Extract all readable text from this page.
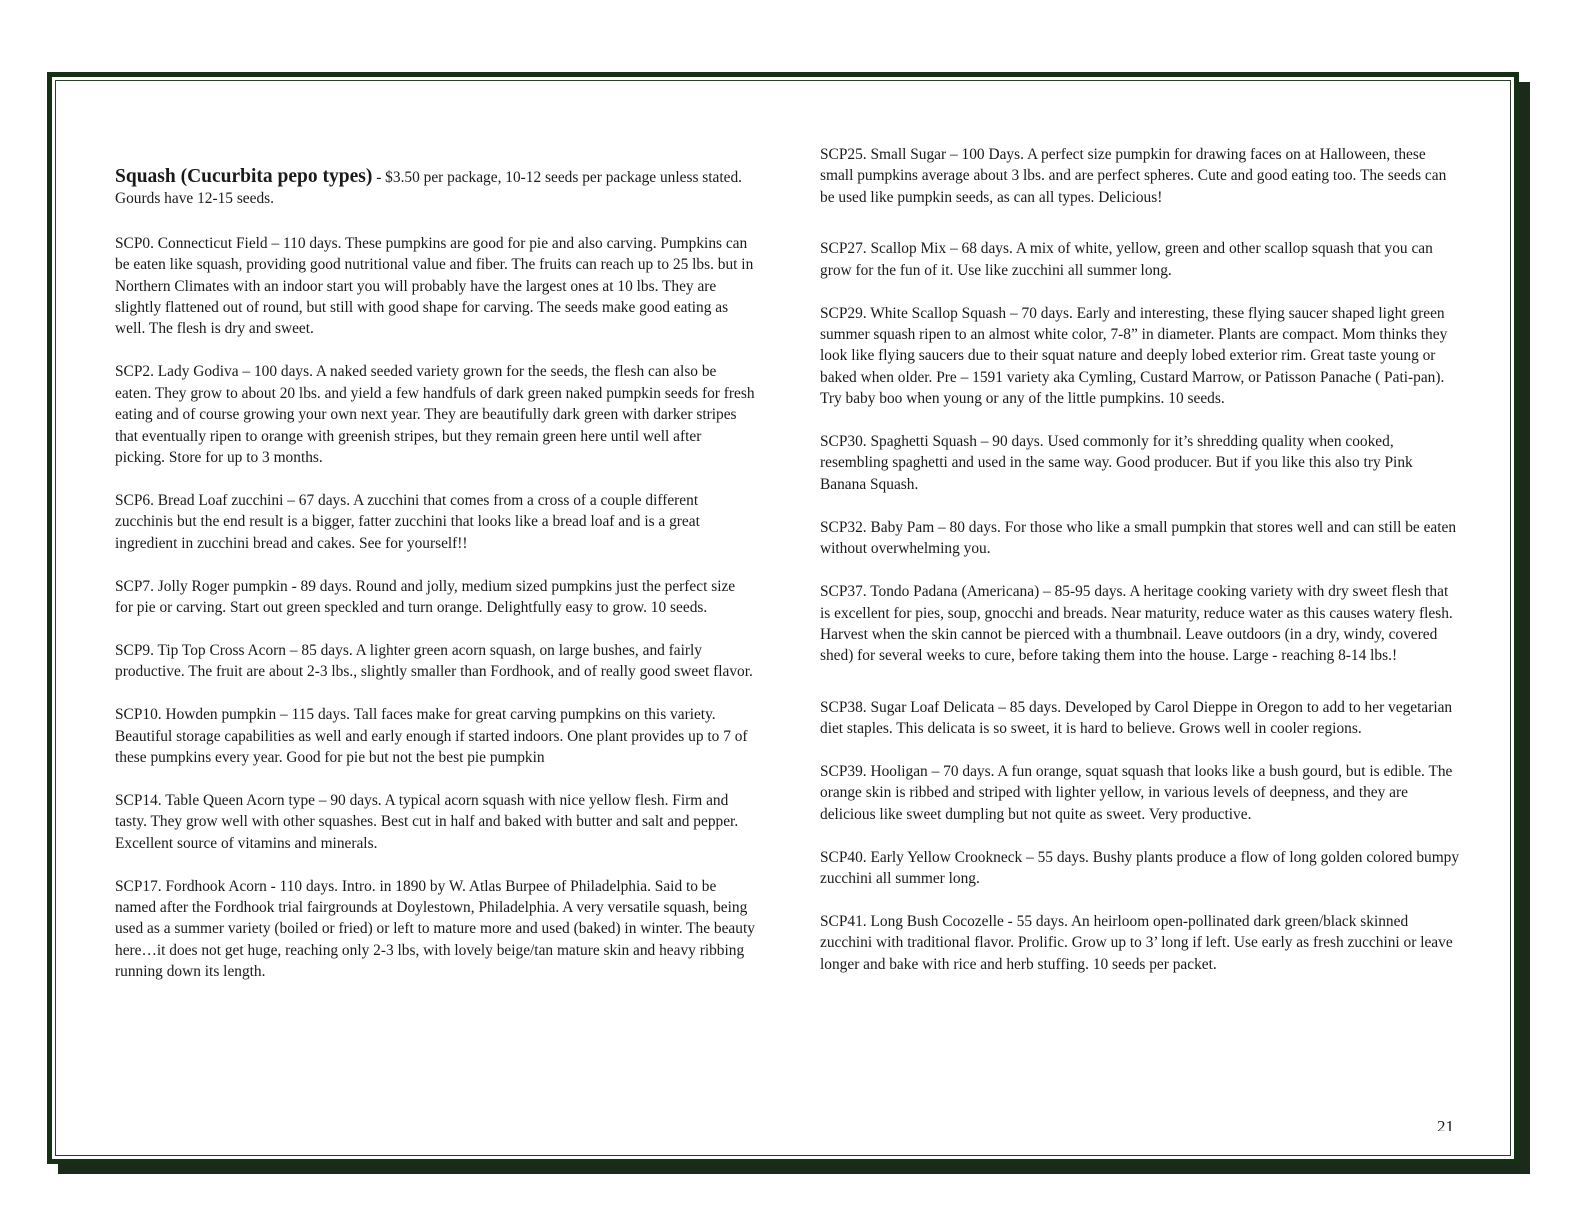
Squash (Cucurbita pepo types) - $3.50 per package, 10-12 seeds per package unless stated. Gourds have 12-15 seeds.

SCP0. Connecticut Field – 110 days. These pumpkins are good for pie and also carving. Pumpkins can be eaten like squash, providing good nutritional value and fiber. The fruits can reach up to 25 lbs. but in Northern Climates with an indoor start you will probably have the largest ones at 10 lbs. They are slightly flattened out of round, but still with good shape for carving. The seeds make good eating as well. The flesh is dry and sweet.

SCP2. Lady Godiva – 100 days. A naked seeded variety grown for the seeds, the flesh can also be eaten. They grow to about 20 lbs. and yield a few handfuls of dark green naked pumpkin seeds for fresh eating and of course growing your own next year. They are beautifully dark green with darker stripes that eventually ripen to orange with greenish stripes, but they remain green here until well after picking. Store for up to 3 months.

SCP6. Bread Loaf zucchini – 67 days. A zucchini that comes from a cross of a couple different zucchinis but the end result is a bigger, fatter zucchini that looks like a bread loaf and is a great ingredient in zucchini bread and cakes. See for yourself!!

SCP7. Jolly Roger pumpkin - 89 days. Round and jolly, medium sized pumpkins just the perfect size for pie or carving. Start out green speckled and turn orange. Delightfully easy to grow. 10 seeds.

SCP9. Tip Top Cross Acorn – 85 days. A lighter green acorn squash, on large bushes, and fairly productive. The fruit are about 2-3 lbs., slightly smaller than Fordhook, and of really good sweet flavor.

SCP10. Howden pumpkin – 115 days. Tall faces make for great carving pumpkins on this variety. Beautiful storage capabilities as well and early enough if started indoors. One plant provides up to 7 of these pumpkins every year. Good for pie but not the best pie pumpkin

SCP14. Table Queen Acorn type – 90 days. A typical acorn squash with nice yellow flesh. Firm and tasty. They grow well with other squashes. Best cut in half and baked with butter and salt and pepper. Excellent source of vitamins and minerals.

SCP17. Fordhook Acorn - 110 days. Intro. in 1890 by W. Atlas Burpee of Philadelphia. Said to be named after the Fordhook trial fairgrounds at Doylestown, Philadelphia. A very versatile squash, being used as a summer variety (boiled or fried) or left to mature more and used (baked) in winter. The beauty here…it does not get huge, reaching only 2-3 lbs, with lovely beige/tan mature skin and heavy ribbing running down its length.

SCP25. Small Sugar – 100 Days. A perfect size pumpkin for drawing faces on at Halloween, these small pumpkins average about 3 lbs. and are perfect spheres. Cute and good eating too. The seeds can be used like pumpkin seeds, as can all types. Delicious!

SCP27. Scallop Mix – 68 days. A mix of white, yellow, green and other scallop squash that you can grow for the fun of it. Use like zucchini all summer long.

SCP29. White Scallop Squash – 70 days. Early and interesting, these flying saucer shaped light green summer squash ripen to an almost white color, 7-8” in diameter. Plants are compact. Mom thinks they look like flying saucers due to their squat nature and deeply lobed exterior rim. Great taste young or baked when older. Pre – 1591 variety aka Cymling, Custard Marrow, or Patisson Panache ( Pati-pan). Try baby boo when young or any of the little pumpkins. 10 seeds.

SCP30. Spaghetti Squash – 90 days. Used commonly for it’s shredding quality when cooked, resembling spaghetti and used in the same way. Good producer. But if you like this also try Pink Banana Squash.

SCP32. Baby Pam – 80 days. For those who like a small pumpkin that stores well and can still be eaten without overwhelming you.

SCP37. Tondo Padana (Americana) – 85-95 days. A heritage cooking variety with dry sweet flesh that is excellent for pies, soup, gnocchi and breads. Near maturity, reduce water as this causes watery flesh. Harvest when the skin cannot be pierced with a thumbnail. Leave outdoors (in a dry, windy, covered shed) for several weeks to cure, before taking them into the house. Large - reaching 8-14 lbs.!

SCP38. Sugar Loaf Delicata – 85 days. Developed by Carol Dieppe in Oregon to add to her vegetarian diet staples. This delicata is so sweet, it is hard to believe. Grows well in cooler regions.

SCP39. Hooligan – 70 days. A fun orange, squat squash that looks like a bush gourd, but is edible. The orange skin is ribbed and striped with lighter yellow, in various levels of deepness, and they are delicious like sweet dumpling but not quite as sweet. Very productive.

SCP40. Early Yellow Crookneck – 55 days. Bushy plants produce a flow of long golden colored bumpy zucchini all summer long.

SCP41. Long Bush Cocozelle - 55 days. An heirloom open-pollinated dark green/black skinned zucchini with traditional flavor. Prolific. Grow up to 3’ long if left. Use early as fresh zucchini or leave longer and bake with rice and herb stuffing. 10 seeds per packet.

21
